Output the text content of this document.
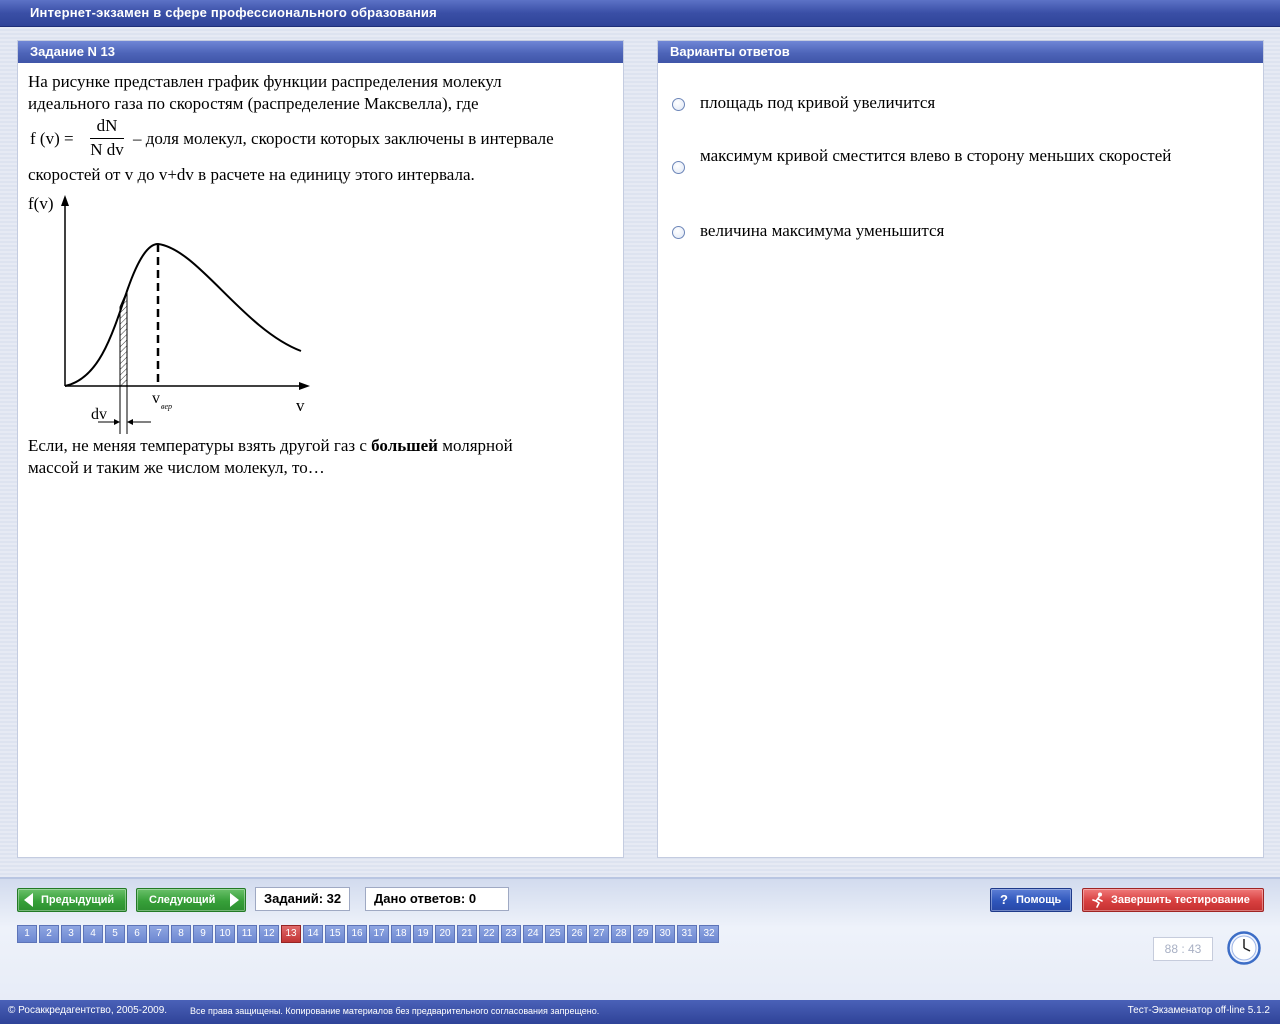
Интернет-экзамен в сфере профессионального образования
Задание N 13
На рисунке представлен график функции распределения молекул
идеального газа по скоростям (распределение Максвелла), где
f (v) =
dN
N dv
– доля молекул, скорости которых заключены в интервале
скоростей от v до v+dv в расчете на единицу этого интервала.
f(v)
v
v вер
dv
Если, не меняя температуры взять другой газ с большей молярной
массой и таким же числом молекул, то…
Варианты ответов
площадь под кривой увеличится
максимум кривой сместится влево в сторону меньших скоростей
величина максимума уменьшится
Предыдущий	Следующий	Заданий: 32	Дано ответов: 0	? Помощь	Завершить тестирование
1	2	3	4	5	6	7	8	9	10	11	12	13	14	15	16	17	18	19	20	21	22	23	24	25	26	27	28	29	30	31	32
88 : 43
© Росаккредагентство, 2005-2009.	Все права защищены. Копирование материалов без предварительного согласования запрещено.	Тест-Экзаменатор off-line 5.1.2
